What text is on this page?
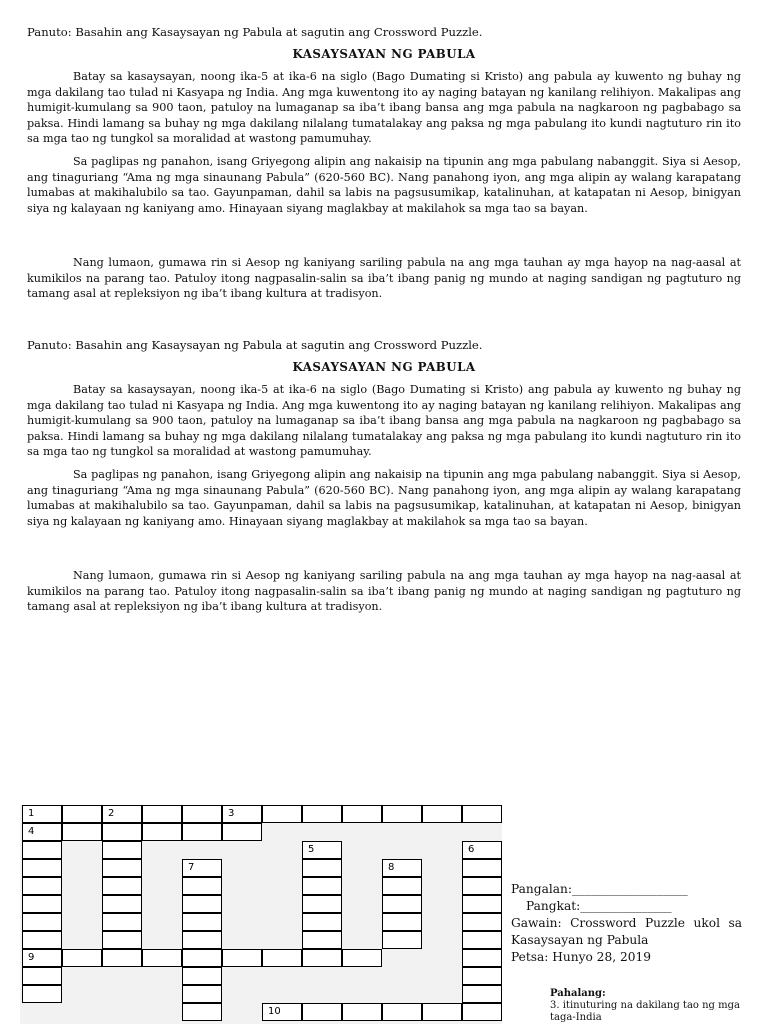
Panuto: Basahin ang Kasaysayan ng Pabula at sagutin ang Crossword Puzzle.

KASAYSAYAN NG PABULA

Batay sa kasaysayan, noong ika-5 at ika-6 na siglo (Bago Dumating si Kristo) ang pabula ay kuwento ng buhay ng mga dakilang tao tulad ni Kasyapa ng India. Ang mga kuwentong ito ay naging batayan ng kanilang relihiyon. Makalipas ang humigit-kumulang sa 900 taon, patuloy na lumaganap sa iba’t ibang bansa ang mga pabula na nagkaroon ng pagbabago sa paksa. Hindi lamang sa buhay ng mga dakilang nilalang tumatalakay ang paksa ng mga pabulang ito kundi nagtuturo rin ito sa mga tao ng tungkol sa moralidad at wastong pamumuhay.

Sa paglipas ng panahon, isang Griyegong alipin ang nakaisip na tipunin ang mga pabulang nabanggit. Siya si Aesop, ang tinaguriang “Ama ng mga sinaunang Pabula” (620-560 BC). Nang panahong iyon, ang mga alipin ay walang karapatang lumabas at makihalubilo sa tao. Gayunpaman, dahil sa labis na pagsusumikap, katalinuhan, at katapatan ni Aesop, binigyan siya ng kalayaan ng kaniyang amo. Hinayaan siyang maglakbay at makilahok sa mga tao sa bayan.

Nang lumaon, gumawa rin si Aesop ng kaniyang sariling pabula na ang mga tauhan ay mga hayop na nag-aasal at kumikilos na parang tao. Patuloy itong nagpasalin-salin sa iba’t ibang panig ng mundo at naging sandigan ng pagtuturo ng tamang asal at repleksiyon ng iba’t ibang kultura at tradisyon.

Panuto: Basahin ang Kasaysayan ng Pabula at sagutin ang Crossword Puzzle.

KASAYSAYAN NG PABULA

Batay sa kasaysayan, noong ika-5 at ika-6 na siglo (Bago Dumating si Kristo) ang pabula ay kuwento ng buhay ng mga dakilang tao tulad ni Kasyapa ng India. Ang mga kuwentong ito ay naging batayan ng kanilang relihiyon. Makalipas ang humigit-kumulang sa 900 taon, patuloy na lumaganap sa iba’t ibang bansa ang mga pabula na nagkaroon ng pagbabago sa paksa. Hindi lamang sa buhay ng mga dakilang nilalang tumatalakay ang paksa ng mga pabulang ito kundi nagtuturo rin ito sa mga tao ng tungkol sa moralidad at wastong pamumuhay.

Sa paglipas ng panahon, isang Griyegong alipin ang nakaisip na tipunin ang mga pabulang nabanggit. Siya si Aesop, ang tinaguriang “Ama ng mga sinaunang Pabula” (620-560 BC). Nang panahong iyon, ang mga alipin ay walang karapatang lumabas at makihalubilo sa tao. Gayunpaman, dahil sa labis na pagsusumikap, katalinuhan, at katapatan ni Aesop, binigyan siya ng kalayaan ng kaniyang amo. Hinayaan siyang maglakbay at makilahok sa mga tao sa bayan.

Nang lumaon, gumawa rin si Aesop ng kaniyang sariling pabula na ang mga tauhan ay mga hayop na nag-aasal at kumikilos na parang tao. Patuloy itong nagpasalin-salin sa iba’t ibang panig ng mundo at naging sandigan ng pagtuturo ng tamang asal at repleksiyon ng iba’t ibang kultura at tradisyon.

1	2	3
4
9
10
7
5
8
6

Pangalan:___________________

Pangkat:_______________

Gawain: Crossword Puzzle ukol sa Kasaysayan ng Pabula

Petsa: Hunyo 28, 2019

Pahalang:
3. itinuturing na dakilang tao ng mga taga-India
